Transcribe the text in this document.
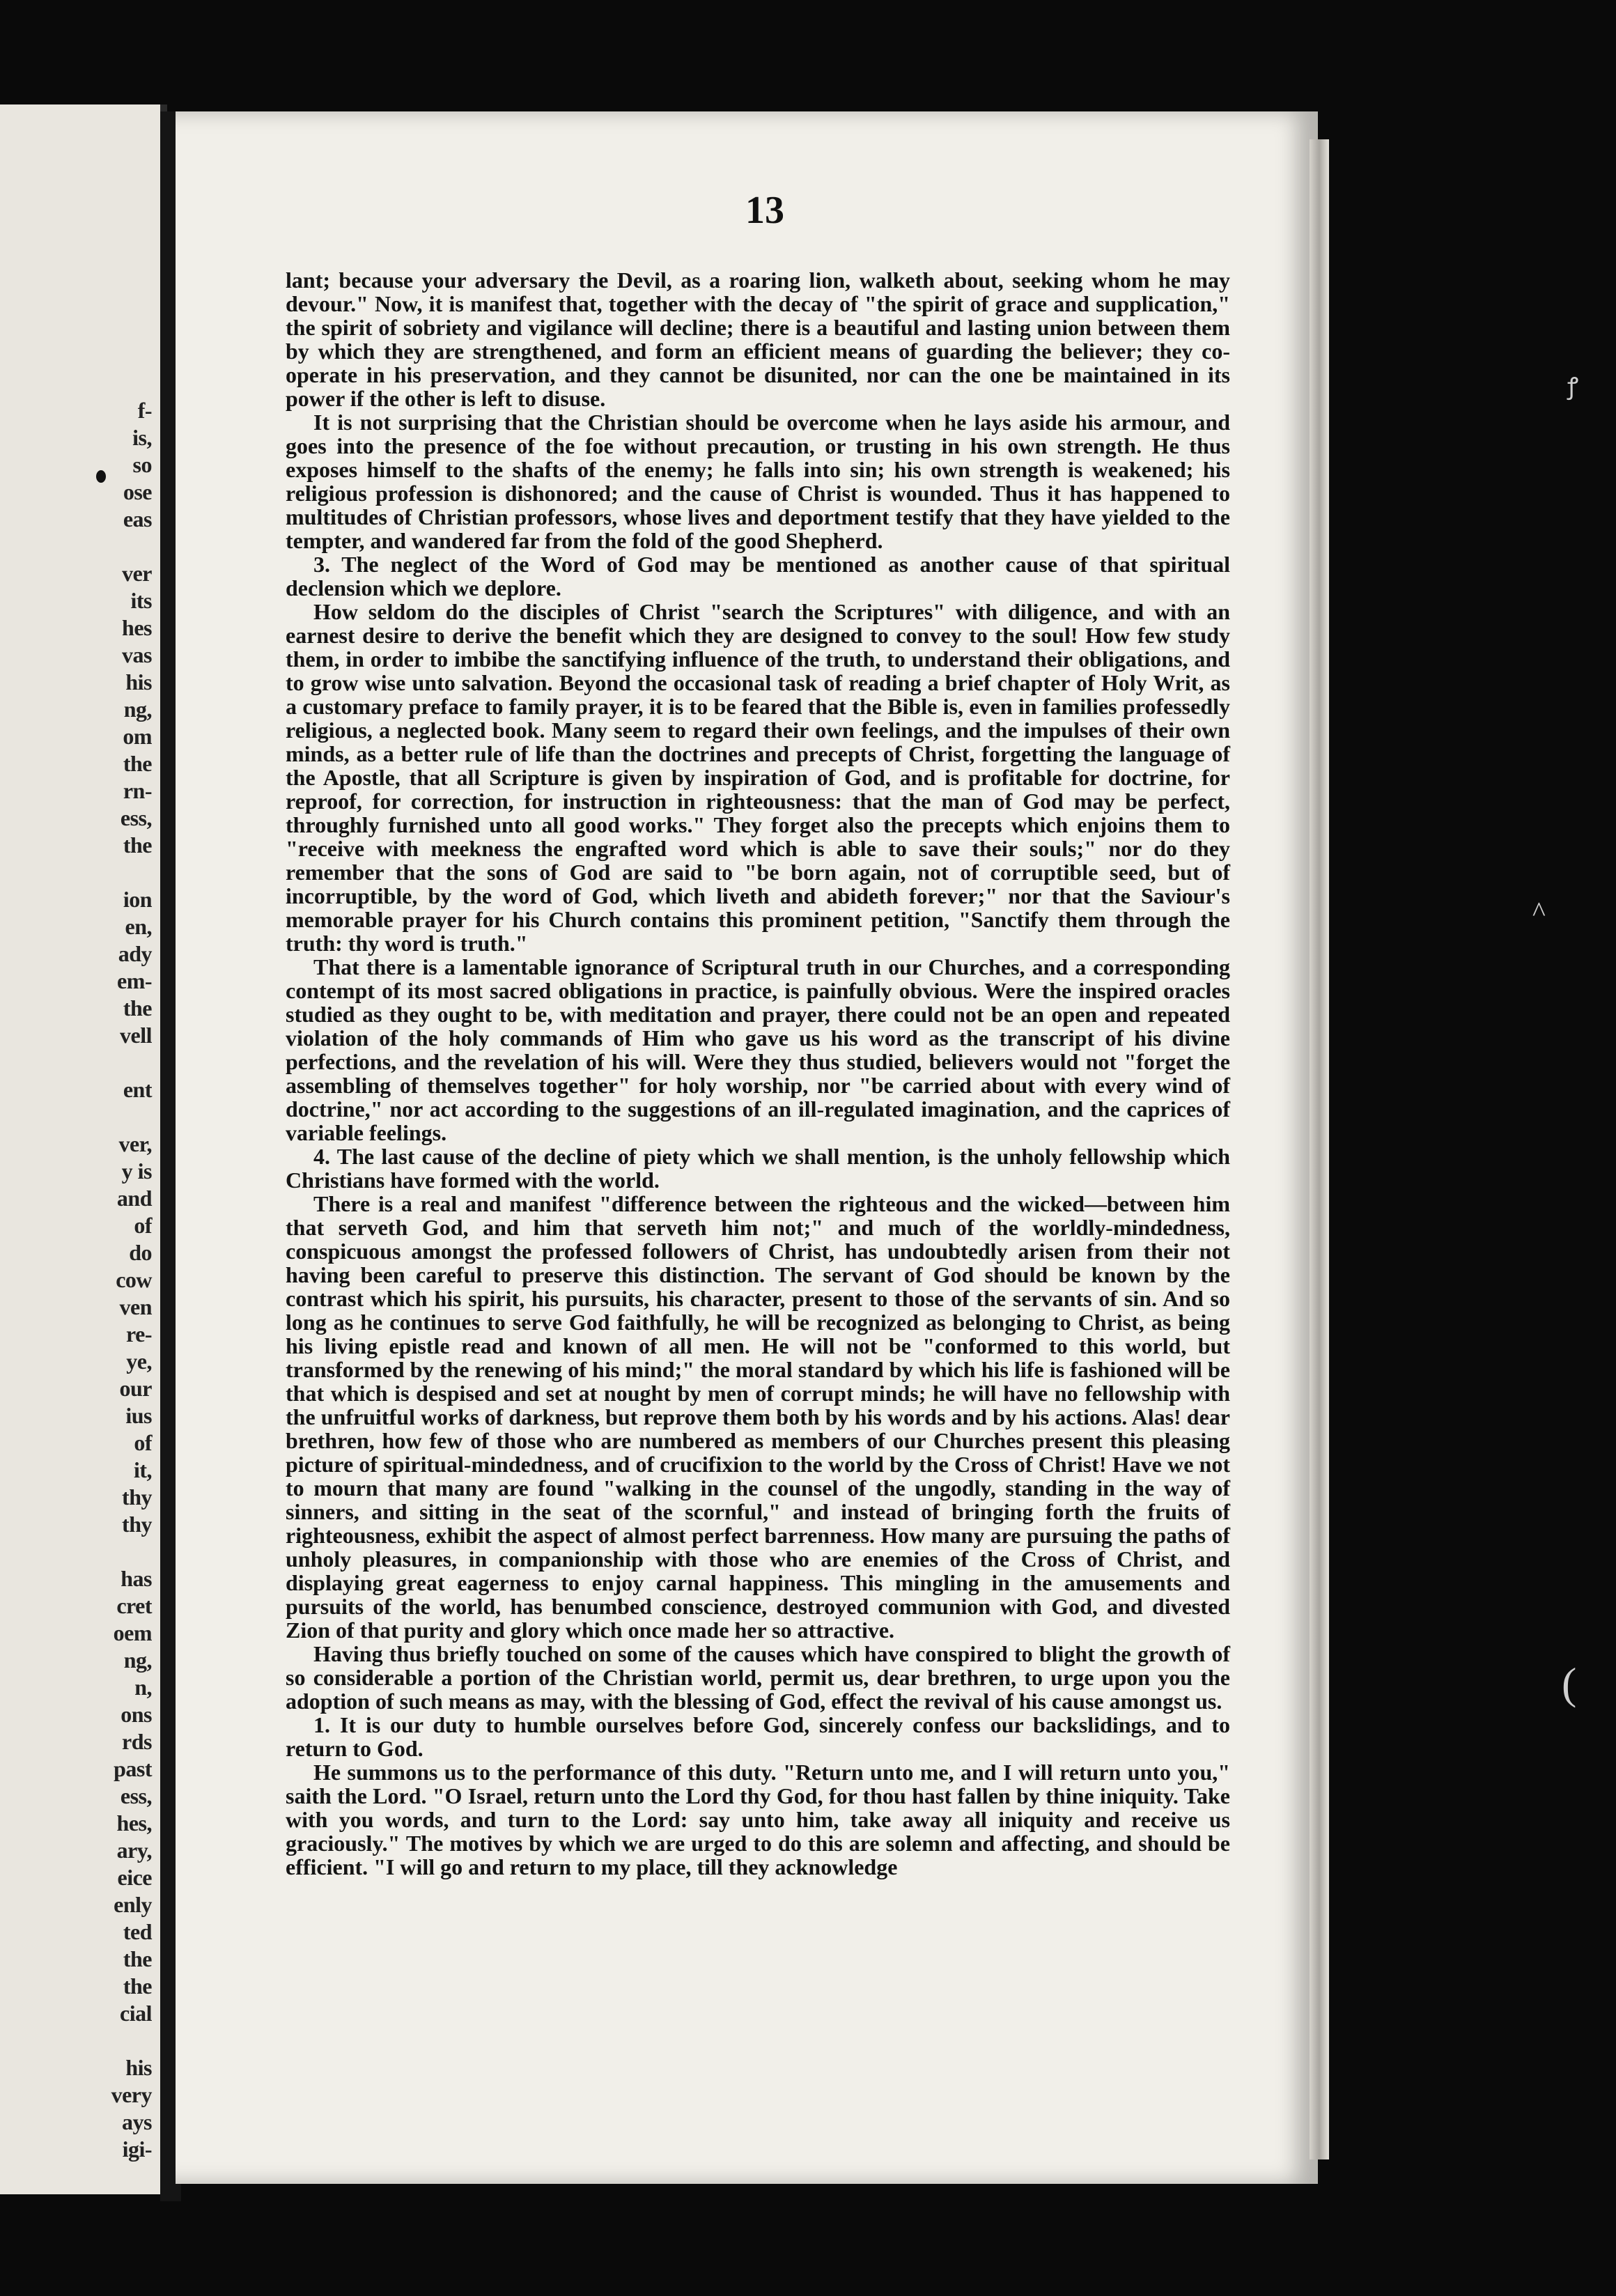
f-
is,
so
ose
eas
ver
its
hes
vas
his
ng,
om
the
rn-
ess,
the
ion
en,
ady
em-
the
vell
ent
ver,
y is
and
of
do
cow
ven
re-
ye,
our
ius
of
it,
thy
thy
has
cret
oem
ng,
n,
ons
rds
past
ess,
hes,
ary,
eice
enly
ted
the
the
cial
his
very
ays
igi-
13

lant; because your adversary the Devil, as a roaring lion, walketh about, seeking whom he may devour." Now, it is manifest that, together with the decay of "the spirit of grace and supplication," the spirit of sobriety and vigilance will decline; there is a beautiful and lasting union between them by which they are strengthened, and form an efficient means of guarding the believer; they co-operate in his preservation, and they cannot be disunited, nor can the one be maintained in its power if the other is left to disuse.

It is not surprising that the Christian should be overcome when he lays aside his armour, and goes into the presence of the foe without precaution, or trusting in his own strength. He thus exposes himself to the shafts of the enemy; he falls into sin; his own strength is weakened; his religious profession is dishonored; and the cause of Christ is wounded. Thus it has happened to multitudes of Christian professors, whose lives and deportment testify that they have yielded to the tempter, and wandered far from the fold of the good Shepherd.

3. The neglect of the Word of God may be mentioned as another cause of that spiritual declension which we deplore.

How seldom do the disciples of Christ "search the Scriptures" with diligence, and with an earnest desire to derive the benefit which they are designed to convey to the soul! How few study them, in order to imbibe the sanctifying influence of the truth, to understand their obligations, and to grow wise unto salvation. Beyond the occasional task of reading a brief chapter of Holy Writ, as a customary preface to family prayer, it is to be feared that the Bible is, even in families professedly religious, a neglected book. Many seem to regard their own feelings, and the impulses of their own minds, as a better rule of life than the doctrines and precepts of Christ, forgetting the language of the Apostle, that all Scripture is given by inspiration of God, and is profitable for doctrine, for reproof, for correction, for instruction in righteousness: that the man of God may be perfect, throughly furnished unto all good works." They forget also the precepts which enjoins them to "receive with meekness the engrafted word which is able to save their souls;" nor do they remember that the sons of God are said to "be born again, not of corruptible seed, but of incorruptible, by the word of God, which liveth and abideth forever;" nor that the Saviour's memorable prayer for his Church contains this prominent petition, "Sanctify them through the truth: thy word is truth."

That there is a lamentable ignorance of Scriptural truth in our Churches, and a corresponding contempt of its most sacred obligations in practice, is painfully obvious. Were the inspired oracles studied as they ought to be, with meditation and prayer, there could not be an open and repeated violation of the holy commands of Him who gave us his word as the transcript of his divine perfections, and the revelation of his will. Were they thus studied, believers would not "forget the assembling of themselves together" for holy worship, nor "be carried about with every wind of doctrine," nor act according to the suggestions of an ill-regulated imagination, and the caprices of variable feelings.

4. The last cause of the decline of piety which we shall mention, is the unholy fellowship which Christians have formed with the world.

There is a real and manifest "difference between the righteous and the wicked—between him that serveth God, and him that serveth him not;" and much of the worldly-mindedness, conspicuous amongst the professed followers of Christ, has undoubtedly arisen from their not having been careful to preserve this distinction. The servant of God should be known by the contrast which his spirit, his pursuits, his character, present to those of the servants of sin. And so long as he continues to serve God faithfully, he will be recognized as belonging to Christ, as being his living epistle read and known of all men. He will not be "conformed to this world, but transformed by the renewing of his mind;" the moral standard by which his life is fashioned will be that which is despised and set at nought by men of corrupt minds; he will have no fellowship with the unfruitful works of darkness, but reprove them both by his words and by his actions. Alas! dear brethren, how few of those who are numbered as members of our Churches present this pleasing picture of spiritual-mindedness, and of crucifixion to the world by the Cross of Christ! Have we not to mourn that many are found "walking in the counsel of the ungodly, standing in the way of sinners, and sitting in the seat of the scornful," and instead of bringing forth the fruits of righteousness, exhibit the aspect of almost perfect barrenness. How many are pursuing the paths of unholy pleasures, in companionship with those who are enemies of the Cross of Christ, and displaying great eagerness to enjoy carnal happiness. This mingling in the amusements and pursuits of the world, has benumbed conscience, destroyed communion with God, and divested Zion of that purity and glory which once made her so attractive.

Having thus briefly touched on some of the causes which have conspired to blight the growth of so considerable a portion of the Christian world, permit us, dear brethren, to urge upon you the adoption of such means as may, with the blessing of God, effect the revival of his cause amongst us.

1. It is our duty to humble ourselves before God, sincerely confess our backslidings, and to return to God.

He summons us to the performance of this duty. "Return unto me, and I will return unto you," saith the Lord. "O Israel, return unto the Lord thy God, for thou hast fallen by thine iniquity. Take with you words, and turn to the Lord: say unto him, take away all iniquity and receive us graciously." The motives by which we are urged to do this are solemn and affecting, and should be efficient. "I will go and return to my place, till they acknowledge

ꝭ
^
(
